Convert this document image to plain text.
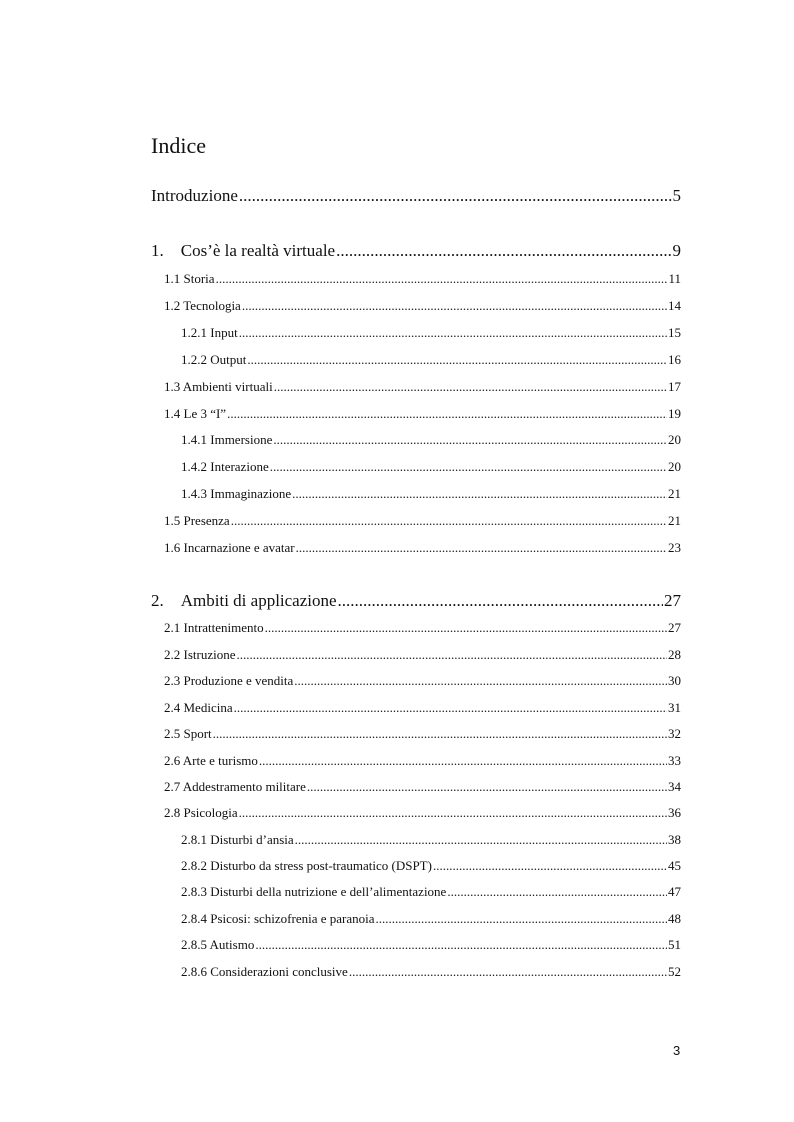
Indice
Introduzione .....	5
1. Cos’è la realtà virtuale .....	9
1.1 Storia .....	11
1.2 Tecnologia .....	14
1.2.1 Input .....	15
1.2.2 Output .....	16
1.3 Ambienti virtuali .....	17
1.4 Le 3 “I” .....	19
1.4.1 Immersione .....	20
1.4.2 Interazione .....	20
1.4.3 Immaginazione .....	21
1.5 Presenza .....	21
1.6 Incarnazione e avatar .....	23
2. Ambiti di applicazione .....	27
2.1 Intrattenimento .....	27
2.2 Istruzione .....	28
2.3 Produzione e vendita .....	30
2.4 Medicina .....	31
2.5 Sport .....	32
2.6 Arte e turismo .....	33
2.7 Addestramento militare .....	34
2.8 Psicologia .....	36
2.8.1 Disturbi d’ansia .....	38
2.8.2 Disturbo da stress post-traumatico (DSPT) .....	45
2.8.3 Disturbi della nutrizione e dell’alimentazione .....	47
2.8.4 Psicosi: schizofrenia e paranoia .....	48
2.8.5 Autismo .....	51
2.8.6 Considerazioni conclusive .....	52
3
